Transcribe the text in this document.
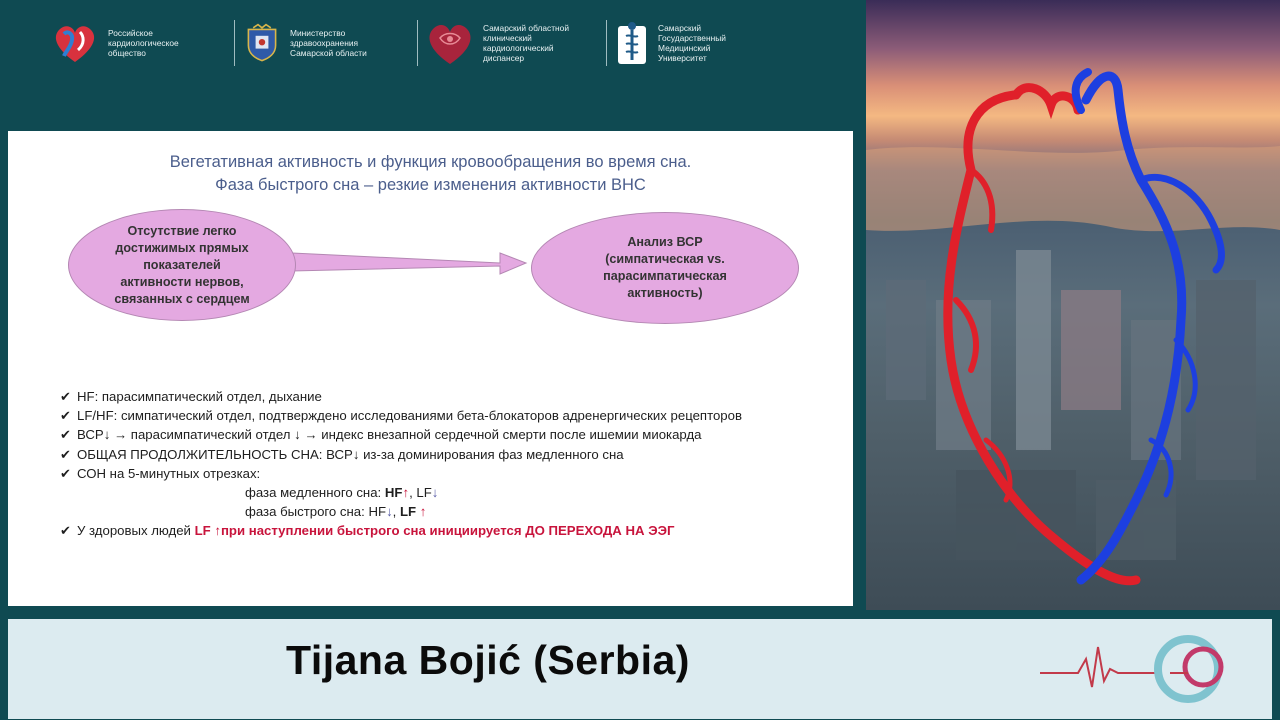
Российское
кардиологическое
общество
Министерство
здравоохранения
Самарской области
Самарский областной
клинический
кардиологический
диспансер
Самарский
Государственный
Медицинский
Университет
Вегетативная активность и функция кровообращения во время сна.
Фаза быстрого сна – резкие изменения активности ВНС
Отсутствие легко
достижимых прямых
показателей
активности нервов,
связанных с сердцем
Анализ ВСР
(симпатическая vs.
парасимпатическая
активность)
✔ HF: парасимпатический отдел, дыхание
✔ LF/HF: симпатический отдел, подтверждено исследованиями бета-блокаторов адренергических рецепторов
✔ ВСР↓ → парасимпатический отдел ↓ → индекс внезапной сердечной смерти после ишемии миокарда
✔ ОБЩАЯ ПРОДОЛЖИТЕЛЬНОСТЬ СНА: ВСР↓ из-за доминирования фаз медленного сна
✔ СОН на 5-минутных отрезках:
фаза медленного сна: HF↑, LF↓
фаза быстрого сна: HF↓, LF ↑
✔ У здоровых людей LF ↑при наступлении быстрого сна инициируется ДО ПЕРЕХОДА НА ЭЭГ
Tijana Bojić (Serbia)
